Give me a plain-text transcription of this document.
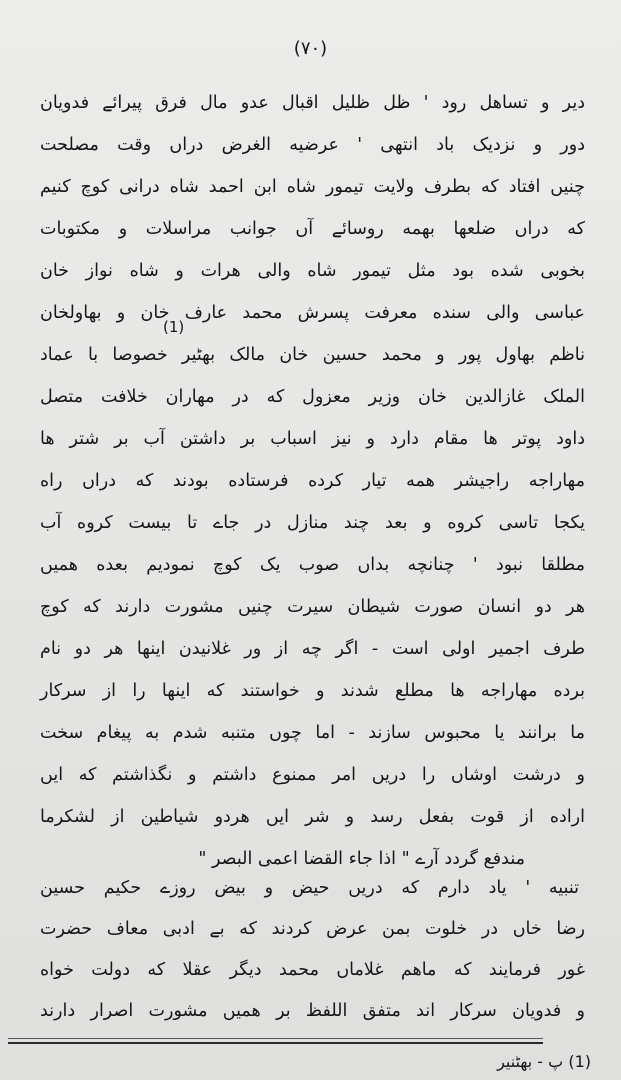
(۷۰)
دیر و تساهل رود ' ظل ظلیل اقبال عدو مال فرق پیرائے فدویان
دور و نزدیک باد انتهی ' عرضیه الغرض دراں وقت مصلحت
چنیں افتاد که بطرف ولایت تیمور شاه ابن احمد شاه درانی کوچ کنیم
که دراں ضلعها بهمه روسائے آں جوانب مراسلات و مکتوبات
بخوبی شده بود مثل تیمور شاه والی هرات و شاه نواز خان
عباسی والی سنده معرفت پسرش محمد عارف خان و بهاولخان
ناظم بهاول پور و محمد حسین خان مالک بهٹیر خصوصا با عماد
الملک غازالدین خان وزیر معزول که در مهاران خلافت متصل
داود پوتر ها مقام دارد و نیز اسباب بر داشتن آب بر شتر ها
مهاراجه راجیشر همه تیار کرده فرستاده بودند که دراں راه
یکجا تاسی کروه و بعد چند منازل در جاے تا بیست کروه آب
مطلقا نبود ' چنانچه بداں صوب یک کوچ نمودیم بعده همیں
هر دو انسان صورت شیطان سیرت چنیں مشورت دارند که کوچ
طرف اجمیر اولی است - اگر چه از ور غلانیدن اینها هر دو نام
برده مهاراجه ها مطلع شدند و خواستند که اینها را از سرکار
ما برانند یا محبوس سازند - اما چوں متنبه شدم به پیغام سخت
و درشت اوشاں را دریں امر ممنوع داشتم و نگذاشتم که ایں
اراده از قوت بفعل رسد و شر ایں هردو شیاطین از لشکرما
مندفع گردد آرے " اذا جاء القضا اعمی البصر "
(1)
تنبیه ' یاد دارم که دریں حیض و بیض روزے حکیم حسین
رضا خاں در خلوت بمن عرض کردند که بے ادبی معاف حضرت
غور فرمایند که ماهم غلاماں محمد دیگر عقلا که دولت خواه
و فدویان سرکار اند متفق اللفظ بر همیں مشورت اصرار دارند
(1) پ - بهٹنیر
